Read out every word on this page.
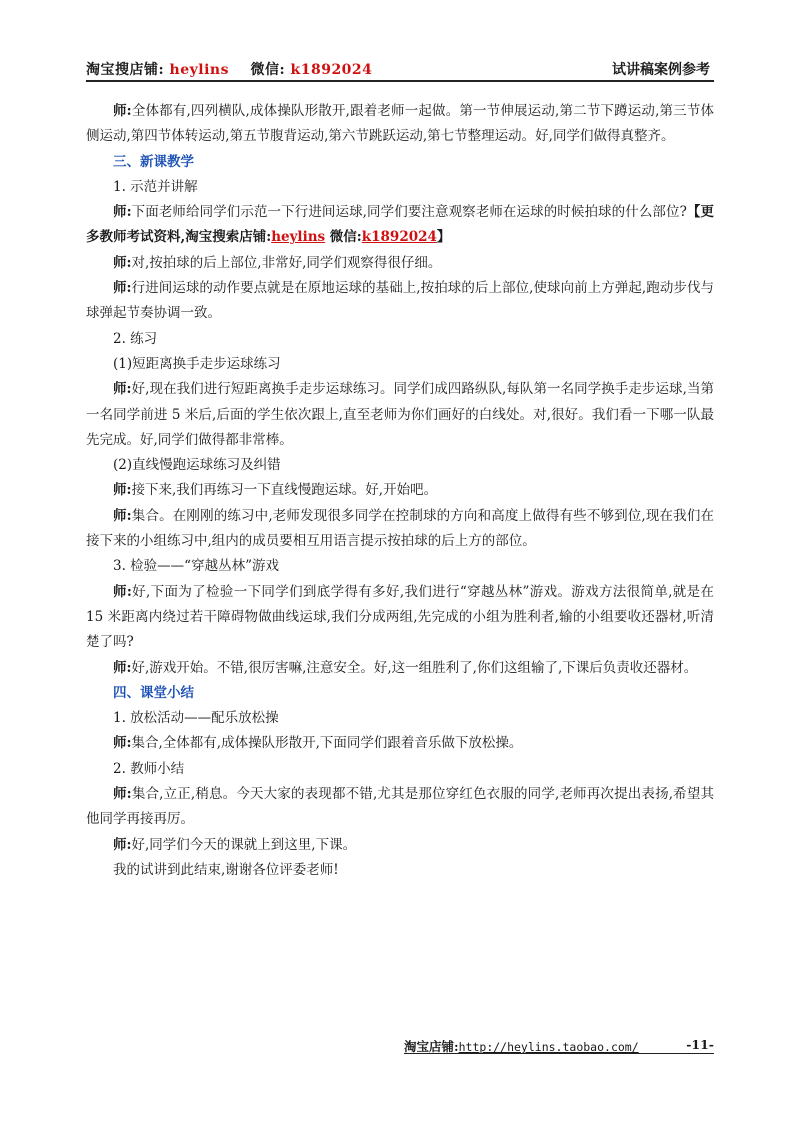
淘宝搜店铺: heylins 微信: k1892024	试讲稿案例参考

师:全体都有,四列横队,成体操队形散开,跟着老师一起做。第一节伸展运动,第二节下蹲运动,第三节体侧运动,第四节体转运动,第五节腹背运动,第六节跳跃运动,第七节整理运动。好,同学们做得真整齐。

三、新课教学

1. 示范并讲解

师:下面老师给同学们示范一下行进间运球,同学们要注意观察老师在运球的时候拍球的什么部位?【更多教师考试资料,淘宝搜索店铺:heylins 微信:k1892024】

师:对,按拍球的后上部位,非常好,同学们观察得很仔细。

师:行进间运球的动作要点就是在原地运球的基础上,按拍球的后上部位,使球向前上方弹起,跑动步伐与球弹起节奏协调一致。

2. 练习

(1)短距离换手走步运球练习

师:好,现在我们进行短距离换手走步运球练习。同学们成四路纵队,每队第一名同学换手走步运球,当第一名同学前进 5 米后,后面的学生依次跟上,直至老师为你们画好的白线处。对,很好。我们看一下哪一队最先完成。好,同学们做得都非常棒。

(2)直线慢跑运球练习及纠错

师:接下来,我们再练习一下直线慢跑运球。好,开始吧。

师:集合。在刚刚的练习中,老师发现很多同学在控制球的方向和高度上做得有些不够到位,现在我们在接下来的小组练习中,组内的成员要相互用语言提示按拍球的后上方的部位。

3. 检验——“穿越丛林”游戏

师:好,下面为了检验一下同学们到底学得有多好,我们进行“穿越丛林”游戏。游戏方法很简单,就是在 15 米距离内绕过若干障碍物做曲线运球,我们分成两组,先完成的小组为胜利者,输的小组要收还器材,听清楚了吗?

师:好,游戏开始。不错,很厉害嘛,注意安全。好,这一组胜利了,你们这组输了,下课后负责收还器材。

四、课堂小结

1. 放松活动——配乐放松操

师:集合,全体都有,成体操队形散开,下面同学们跟着音乐做下放松操。

2. 教师小结

师:集合,立正,稍息。今天大家的表现都不错,尤其是那位穿红色衣服的同学,老师再次提出表扬,希望其他同学再接再厉。

师:好,同学们今天的课就上到这里,下课。

我的试讲到此结束,谢谢各位评委老师!

淘宝店铺:http://heylins.taobao.com/	-11-
